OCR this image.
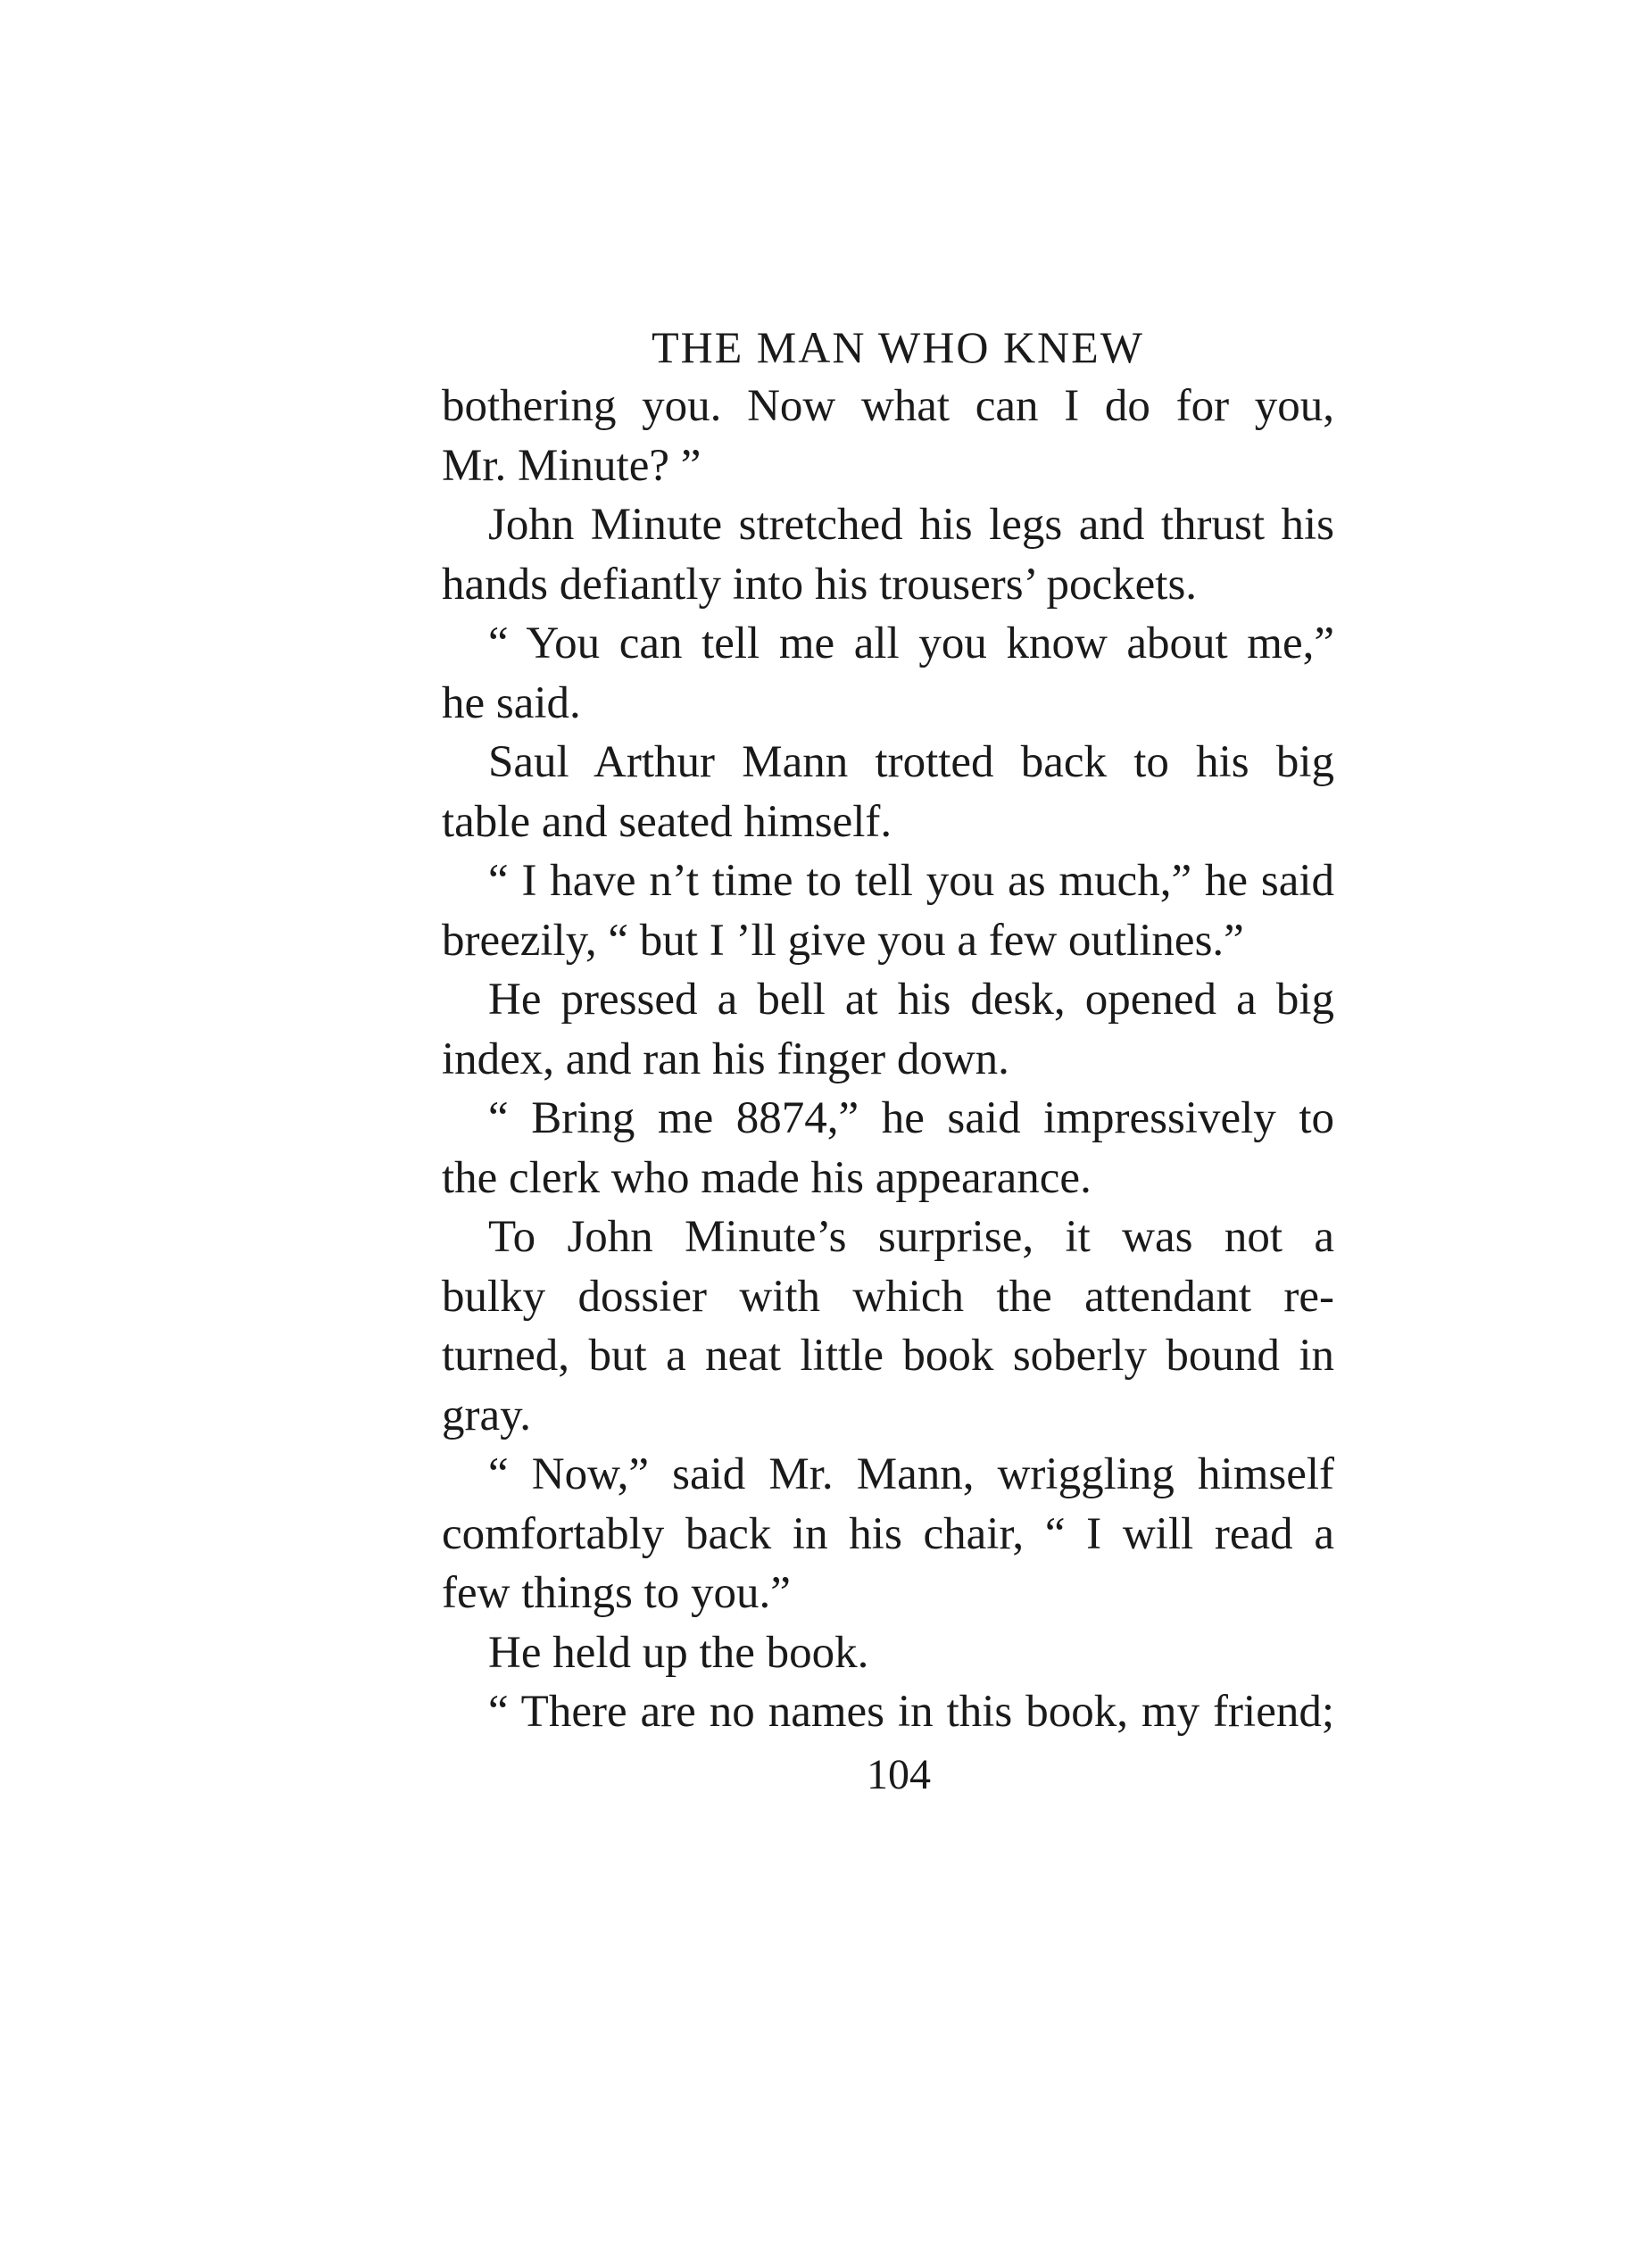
THE MAN WHO KNEW
bothering you. Now what can I do for you,
Mr. Minute? ”
John Minute stretched his legs and thrust his
hands defiantly into his trousers’ pockets.
“ You can tell me all you know about me,”
he said.
Saul Arthur Mann trotted back to his big
table and seated himself.
“ I have n’t time to tell you as much,” he said
breezily, “ but I ’ll give you a few outlines.”
He pressed a bell at his desk, opened a big
index, and ran his finger down.
“ Bring me 8874,” he said impressively to
the clerk who made his appearance.
To John Minute’s surprise, it was not a
bulky dossier with which the attendant re-
turned, but a neat little book soberly bound in
gray.
“ Now,” said Mr. Mann, wriggling himself
comfortably back in his chair, “ I will read a
few things to you.”
He held up the book.
“ There are no names in this book, my friend;
104
